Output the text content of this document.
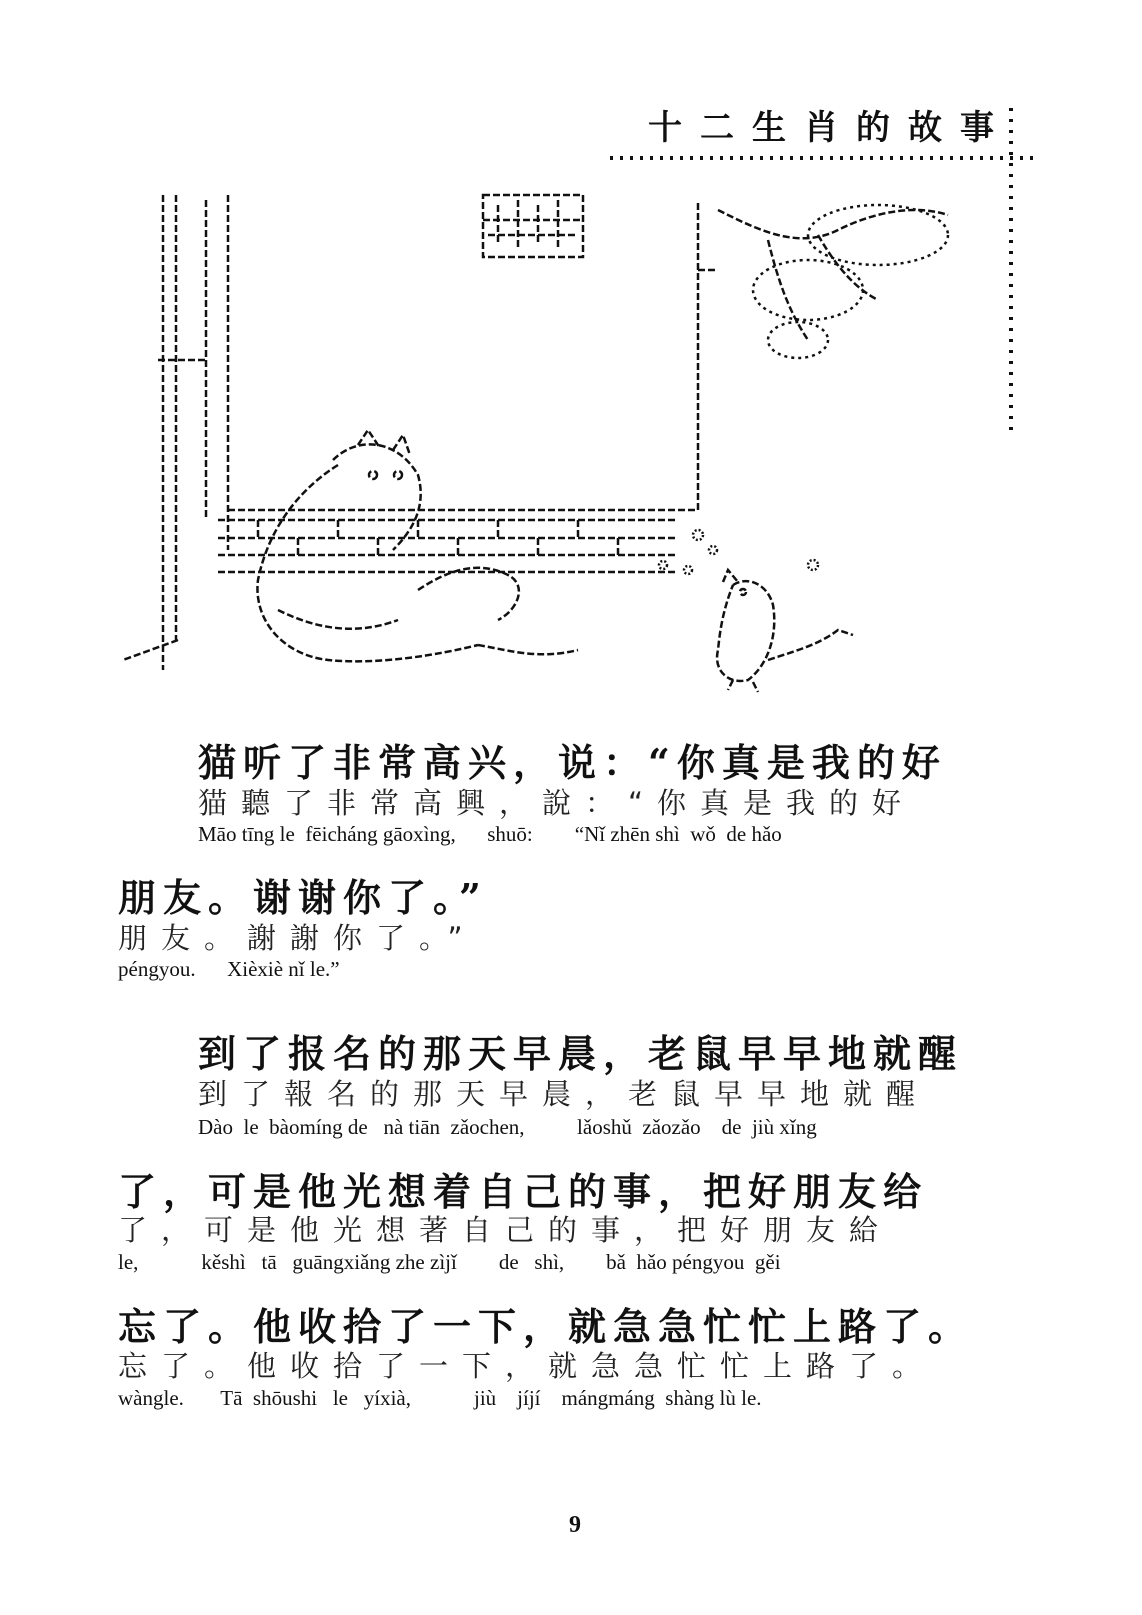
十二生肖的故事
猫听了非常高兴，说：“你真是我的好
猫聽了非常高興，說：“你真是我的好
Māo tīng le  fēicháng gāoxìng,      shuō:        “Nǐ zhēn shì  wǒ  de hǎo
朋友。谢谢你了。”
朋友。謝謝你了。”
péngyou.      Xièxiè nǐ le.”
到了报名的那天早晨，老鼠早早地就醒
到了報名的那天早晨，老鼠早早地就醒
Dào  le  bàomíng de   nà tiān  zǎochen,          lǎoshǔ  zǎozǎo    de  jiù xǐng
了，可是他光想着自己的事，把好朋友给
了，可是他光想著自己的事，把好朋友給
le,            kěshì   tā   guāngxiǎng zhe zìjǐ        de   shì,        bǎ  hǎo péngyou  gěi
忘了。他收拾了一下，就急急忙忙上路了。
忘了。他收拾了一下，就急急忙忙上路了。
wàngle.       Tā  shōushi   le   yíxià,            jiù    jíjí    mángmáng  shàng lù le.
9
